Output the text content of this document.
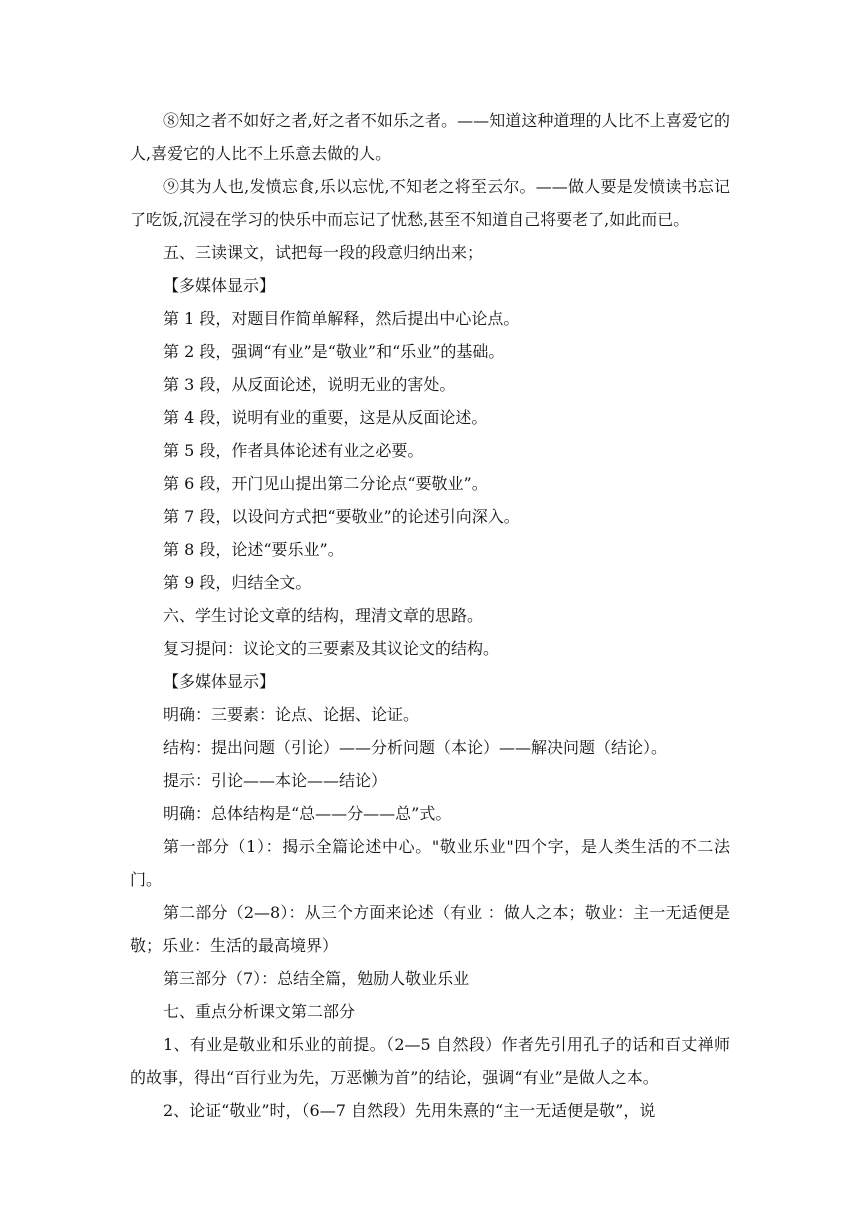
⑧知之者不如好之者,好之者不如乐之者。——知道这种道理的人比不上喜爱它的人,喜爱它的人比不上乐意去做的人。

⑨其为人也,发愤忘食,乐以忘忧,不知老之将至云尔。——做人要是发愤读书忘记了吃饭,沉浸在学习的快乐中而忘记了忧愁,甚至不知道自己将要老了,如此而已。

五、三读课文，试把每一段的段意归纳出来；

【多媒体显示】

第 1 段，对题目作简单解释，然后提出中心论点。

第 2 段，强调“有业”是“敬业”和“乐业”的基础。

第 3 段，从反面论述，说明无业的害处。

第 4 段，说明有业的重要，这是从反面论述。

第 5 段，作者具体论述有业之必要。

第 6 段，开门见山提出第二分论点“要敬业”。

第 7 段，以设问方式把“要敬业”的论述引向深入。

第 8 段，论述“要乐业”。

第 9 段，归结全文。

六、学生讨论文章的结构，理清文章的思路。

复习提问：议论文的三要素及其议论文的结构。

【多媒体显示】

明确：三要素：论点、论据、论证。

结构：提出问题（引论）——分析问题（本论）——解决问题（结论）。

提示：引论——本论——结论）

明确：总体结构是“总——分——总”式。

第一部分（1）：揭示全篇论述中心。"敬业乐业"四个字，是人类生活的不二法门。

第二部分（2—8）：从三个方面来论述（有业 ：做人之本；敬业：主一无适便是敬；乐业：生活的最高境界）

第三部分（7）：总结全篇，勉励人敬业乐业

七、重点分析课文第二部分

1、有业是敬业和乐业的前提。（2—5 自然段）作者先引用孔子的话和百丈禅师的故事，得出“百行业为先，万恶懒为首”的结论，强调“有业”是做人之本。

2、论证“敬业”时，（6—7 自然段）先用朱熹的“主一无适便是敬”，说
